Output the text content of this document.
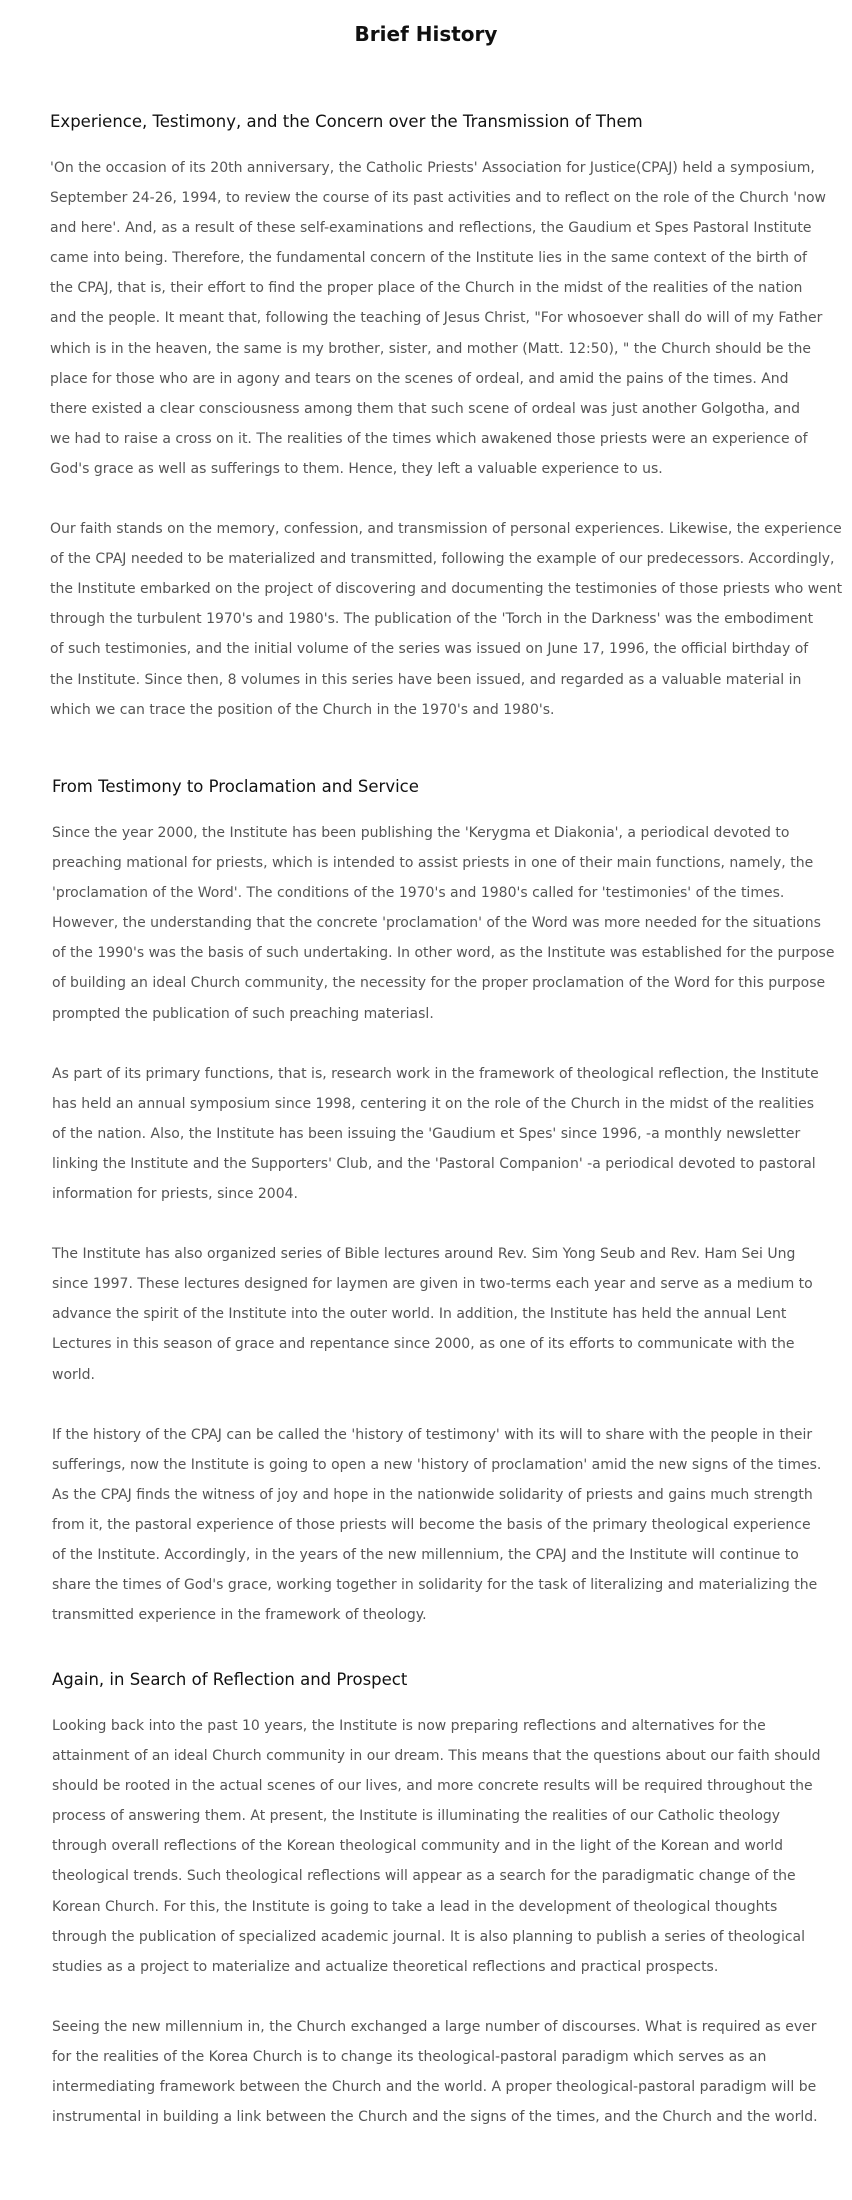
Brief History
Experience, Testimony, and the Concern over the Transmission of Them
'On the occasion of its 20th anniversary, the Catholic Priests' Association for Justice(CPAJ) held a symposium,
September 24-26, 1994, to review the course of its past activities and to reflect on the role of the Church 'now
and here'. And, as a result of these self-examinations and reflections, the Gaudium et Spes Pastoral Institute
came into being. Therefore, the fundamental concern of the Institute lies in the same context of the birth of
the CPAJ, that is, their effort to find the proper place of the Church in the midst of the realities of the nation
and the people. It meant that, following the teaching of Jesus Christ, "For whosoever shall do will of my Father
which is in the heaven, the same is my brother, sister, and mother (Matt. 12:50), " the Church should be the
place for those who are in agony and tears on the scenes of ordeal, and amid the pains of the times. And
there existed a clear consciousness among them that such scene of ordeal was just another Golgotha, and
we had to raise a cross on it. The realities of the times which awakened those priests were an experience of
God's grace as well as sufferings to them. Hence, they left a valuable experience to us.
Our faith stands on the memory, confession, and transmission of personal experiences. Likewise, the experience
of the CPAJ needed to be materialized and transmitted, following the example of our predecessors. Accordingly,
the Institute embarked on the project of discovering and documenting the testimonies of those priests who went
through the turbulent 1970's and 1980's. The publication of the 'Torch in the Darkness' was the embodiment
of such testimonies, and the initial volume of the series was issued on June 17, 1996, the official birthday of
the Institute. Since then, 8 volumes in this series have been issued, and regarded as a valuable material in
which we can trace the position of the Church in the 1970's and 1980's.
From Testimony to Proclamation and Service
Since the year 2000, the Institute has been publishing the 'Kerygma et Diakonia', a periodical devoted to
preaching mational for priests, which is intended to assist priests in one of their main functions, namely, the
'proclamation of the Word'. The conditions of the 1970's and 1980's called for 'testimonies' of the times.
However, the understanding that the concrete 'proclamation' of the Word was more needed for the situations
of the 1990's was the basis of such undertaking. In other word, as the Institute was established for the purpose
of building an ideal Church community, the necessity for the proper proclamation of the Word for this purpose
prompted the publication of such preaching materiasl.
As part of its primary functions, that is, research work in the framework of theological reflection, the Institute
has held an annual symposium since 1998, centering it on the role of the Church in the midst of the realities
of the nation. Also, the Institute has been issuing the 'Gaudium et Spes' since 1996, -a monthly newsletter
linking the Institute and the Supporters' Club, and the 'Pastoral Companion' -a periodical devoted to pastoral
information for priests, since 2004.
The Institute has also organized series of Bible lectures around Rev. Sim Yong Seub and Rev. Ham Sei Ung
since 1997. These lectures designed for laymen are given in two-terms each year and serve as a medium to
advance the spirit of the Institute into the outer world. In addition, the Institute has held the annual Lent
Lectures in this season of grace and repentance since 2000, as one of its efforts to communicate with the
world.
If the history of the CPAJ can be called the 'history of testimony' with its will to share with the people in their
sufferings, now the Institute is going to open a new 'history of proclamation' amid the new signs of the times.
As the CPAJ finds the witness of joy and hope in the nationwide solidarity of priests and gains much strength
from it, the pastoral experience of those priests will become the basis of the primary theological experience
of the Institute. Accordingly, in the years of the new millennium, the CPAJ and the Institute will continue to
share the times of God's grace, working together in solidarity for the task of literalizing and materializing the
transmitted experience in the framework of theology.
Again, in Search of Reflection and Prospect
Looking back into the past 10 years, the Institute is now preparing reflections and alternatives for the
attainment of an ideal Church community in our dream. This means that the questions about our faith should
should be rooted in the actual scenes of our lives, and more concrete results will be required throughout the
process of answering them. At present, the Institute is illuminating the realities of our Catholic theology
through overall reflections of the Korean theological community and in the light of the Korean and world
theological trends. Such theological reflections will appear as a search for the paradigmatic change of the
Korean Church. For this, the Institute is going to take a lead in the development of theological thoughts
through the publication of specialized academic journal. It is also planning to publish a series of theological
studies as a project to materialize and actualize theoretical reflections and practical prospects.
Seeing the new millennium in, the Church exchanged a large number of discourses. What is required as ever
for the realities of the Korea Church is to change its theological-pastoral paradigm which serves as an
intermediating framework between the Church and the world. A proper theological-pastoral paradigm will be
instrumental in building a link between the Church and the signs of the times, and the Church and the world.
